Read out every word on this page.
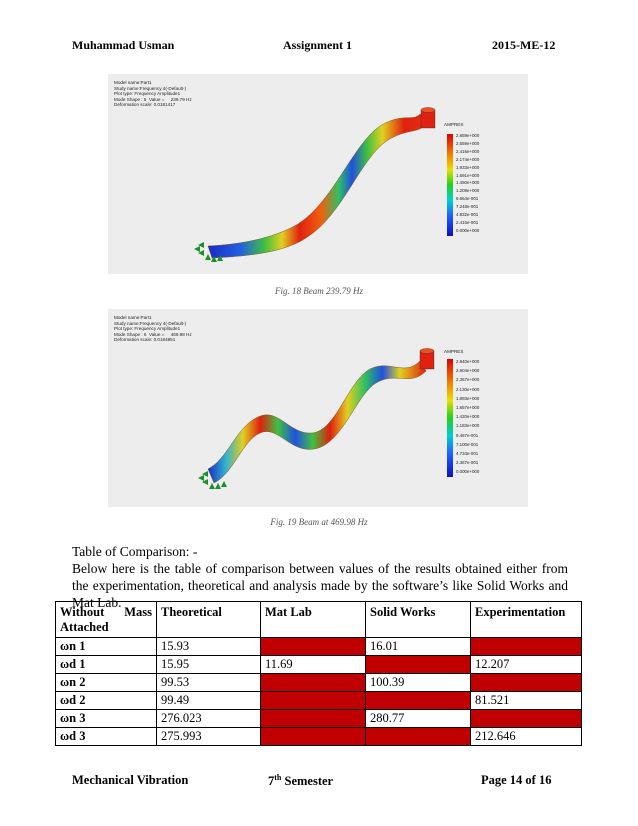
Muhammad Usman	Assignment 1	2015-ME-12
Model name:Part1
Study name:Frequency 4(-Default-)
Plot type: Frequency Amplitude1
Mode Shape : 5  Value =     239.79 Hz
Deformation scale: 0.0181417
AMPRES
2.659e+000
2.659e+000
2.416e+000
2.174e+000
1.933e+000
1.691e+000
1.450e+000
1.208e+000
9.664e-001
7.248e-001
4.832e-001
2.416e-001
0.000e+000
Fig. 18 Beam 239.79 Hz
Model name:Part1
Study name:Frequency 4(-Default-)
Plot type: Frequency Amplitude1
Mode Shape : 6  Value =     469.98 Hz
Deformation scale: 0.0184851
AMPRES
2.840e+000
2.604e+000
2.367e+000
2.130e+000
1.893e+000
1.657e+000
1.420e+000
1.183e+000
9.467e-001
7.100e-001
4.734e-001
2.367e-001
0.000e+000
Fig. 19 Beam at 469.98 Hz

Table of Comparison: -

Below here is the table of comparison between values of the results obtained either from the experimentation, theoretical and analysis made by the software’s like Solid Works and Mat Lab.

Without Mass
Attached	Theoretical	Mat Lab	Solid Works	Experimentation
ωn 1	15.93		16.01	
ωd 1	15.95	11.69		12.207
ωn 2	99.53		100.39	
ωd 2	99.49			81.521
ωn 3	276.023		280.77	
ωd 3	275.993			212.646
Mechanical Vibration	7th Semester	Page 14 of 16
